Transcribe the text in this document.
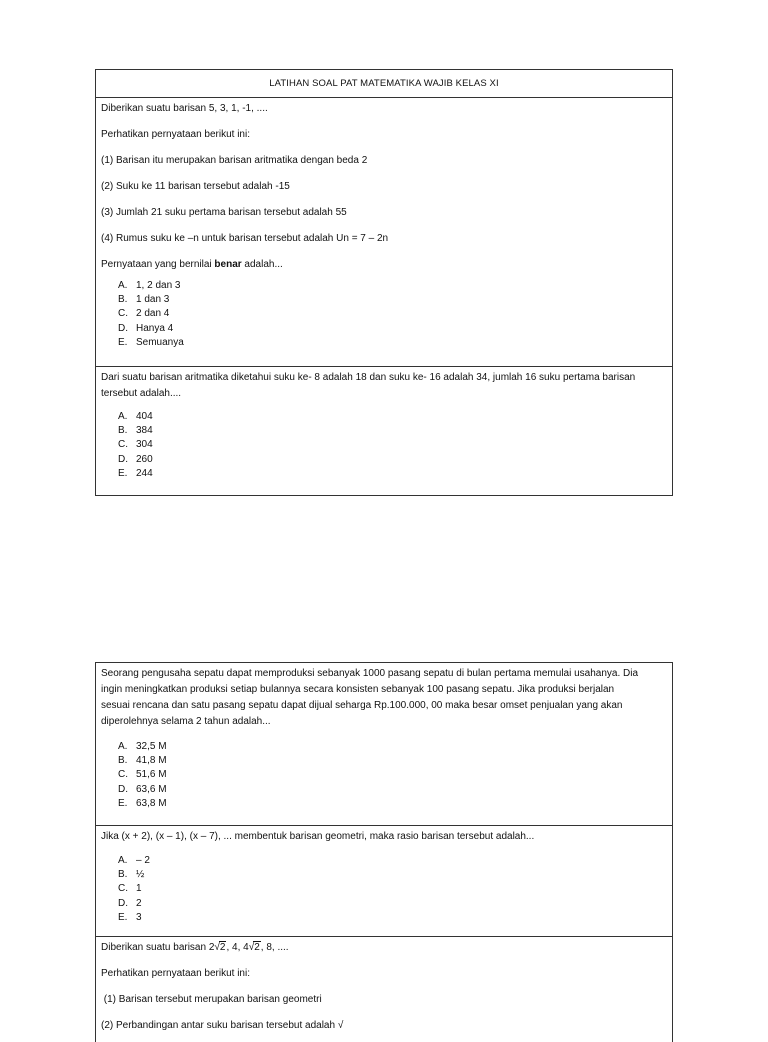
LATIHAN SOAL PAT MATEMATIKA WAJIB KELAS XI
Diberikan suatu barisan 5, 3, 1, -1, ....
Perhatikan pernyataan berikut ini:
(1) Barisan itu merupakan barisan aritmatika dengan beda 2
(2) Suku ke 11 barisan tersebut adalah -15
(3) Jumlah 21 suku pertama barisan tersebut adalah 55
(4) Rumus suku ke –n untuk barisan tersebut adalah Un = 7 – 2n
Pernyataan yang bernilai benar adalah...
A. 1, 2 dan 3
B. 1 dan 3
C. 2 dan 4
D. Hanya 4
E. Semuanya
Dari suatu barisan aritmatika diketahui suku ke- 8 adalah 18 dan suku ke- 16 adalah 34, jumlah 16 suku pertama barisan
tersebut adalah....
A. 404
B. 384
C. 304
D. 260
E. 244
Seorang pengusaha sepatu dapat memproduksi sebanyak 1000 pasang sepatu di bulan pertama memulai usahanya. Dia
ingin meningkatkan produksi setiap bulannya secara konsisten sebanyak 100 pasang sepatu. Jika produksi berjalan
sesuai rencana dan satu pasang sepatu dapat dijual seharga Rp.100.000, 00 maka besar omset penjualan yang akan
diperolehnya selama 2 tahun adalah...
A. 32,5 M
B. 41,8 M
C. 51,6 M
D. 63,6 M
E. 63,8 M
Jika (x + 2), (x – 1), (x – 7), ... membentuk barisan geometri, maka rasio barisan tersebut adalah...
A. – 2
B. ½
C. 1
D. 2
E. 3
Diberikan suatu barisan 2√2, 4, 4√2, 8, ....
Perhatikan pernyataan berikut ini:
(1) Barisan tersebut merupakan barisan geometri
(2) Perbandingan antar suku barisan tersebut adalah √
